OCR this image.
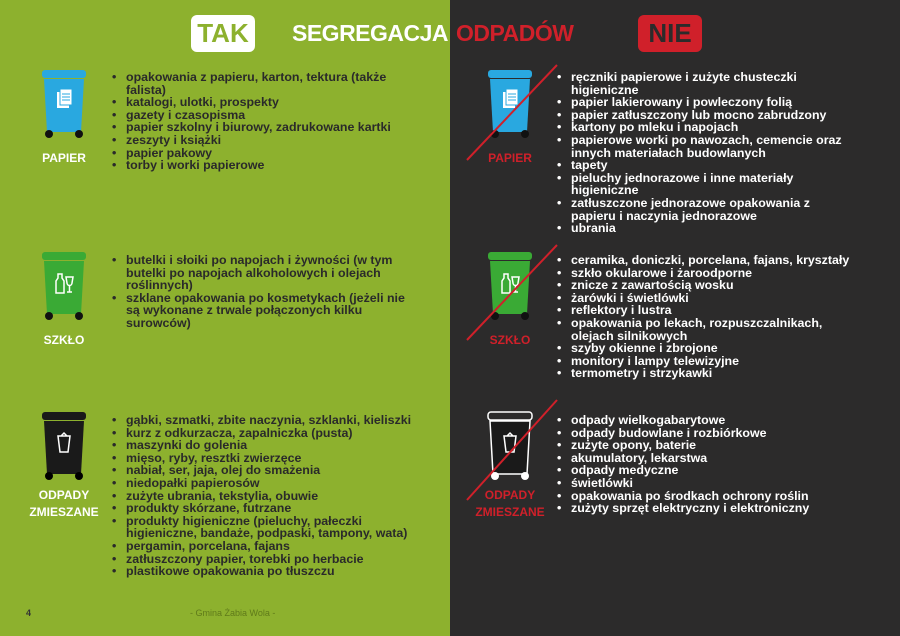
TAK SEGREGACJA ODPADÓW	NIE
PAPIER
• opakowania z papieru, karton, tektura (także falista)
• katalogi, ulotki, prospekty
• gazety i czasopisma
• papier szkolny i biurowy, zadrukowane kartki
• zeszyty i książki
• papier pakowy
• torby i worki papierowe
SZKŁO
• butelki i słoiki po napojach i żywności (w tym butelki po napojach alkoholowych i olejach roślinnych)
• szklane opakowania po kosmetykach (jeżeli nie są wykonane z trwale połączonych kilku surowców)
ODPADY
ZMIESZANE
• gąbki, szmatki, zbite naczynia, szklanki, kieliszki
• kurz z odkurzacza, zapalniczka (pusta)
• maszynki do golenia
• mięso, ryby, resztki zwierzęce
• nabiał, ser, jaja, olej do smażenia
• niedopałki papierosów
• zużyte ubrania, tekstylia, obuwie
• produkty skórzane, futrzane
• produkty higieniczne (pieluchy, pałeczki higieniczne, bandaże, podpaski, tampony, wata)
• pergamin, porcelana, fajans
• zatłuszczony papier, torebki po herbacie
• plastikowe opakowania po tłuszczu
PAPIER
• ręczniki papierowe i zużyte chusteczki higieniczne
• papier lakierowany i powleczony folią
• papier zatłuszczony lub mocno zabrudzony
• kartony po mleku i napojach
• papierowe worki po nawozach, cemencie oraz innych materiałach budowlanych
• tapety
• pieluchy jednorazowe i inne materiały higieniczne
• zatłuszczone jednorazowe opakowania z papieru i naczynia jednorazowe
• ubrania
SZKŁO
• ceramika, doniczki, porcelana, fajans, kryształy
• szkło okularowe i żaroodporne
• znicze z zawartością wosku
• żarówki i świetlówki
• reflektory i lustra
• opakowania po lekach, rozpuszczalnikach, olejach silnikowych
• szyby okienne i zbrojone
• monitory i lampy telewizyjne
• termometry i strzykawki
ODPADY
ZMIESZANE
• odpady wielkogabarytowe
• odpady budowlane i rozbiórkowe
• zużyte opony, baterie
• akumulatory, lekarstwa
• odpady medyczne
• świetlówki
• opakowania po środkach ochrony roślin
• zużyty sprzęt elektryczny i elektroniczny
4	- Gmina Żabia Wola -
